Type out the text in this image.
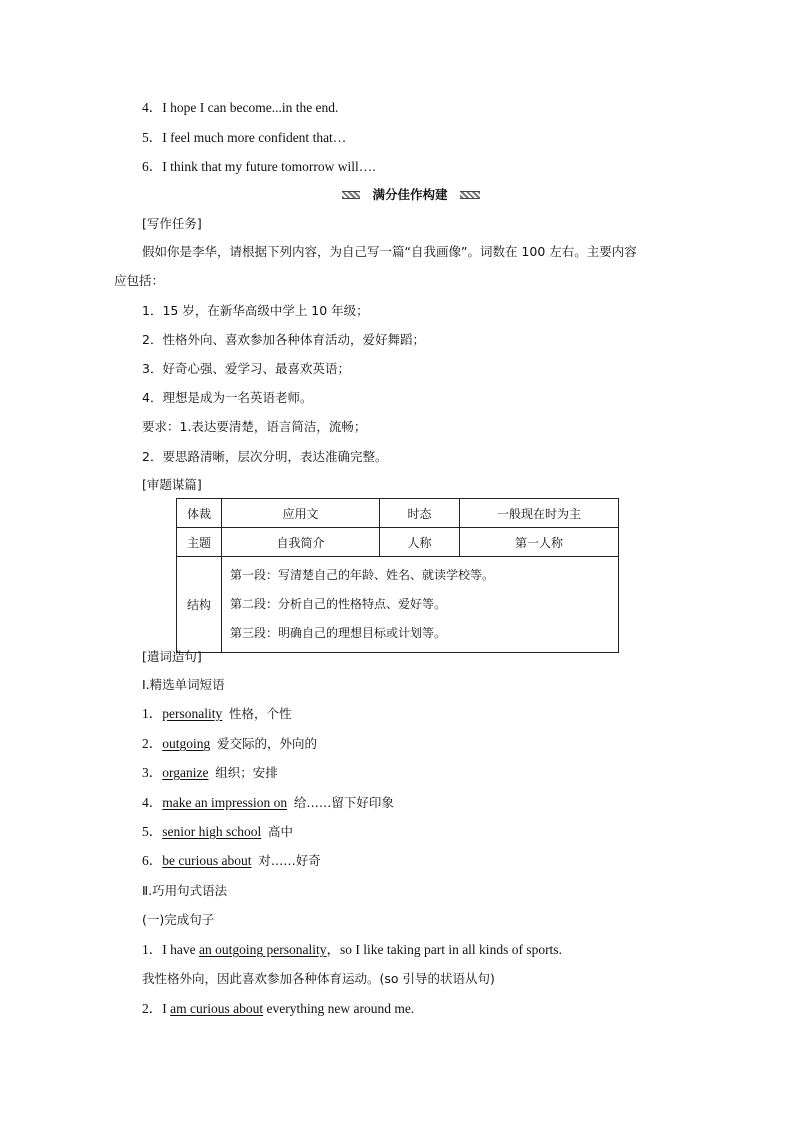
4．I hope I can become...in the end.
5．I feel much more confident that…
6．I think that my future tomorrow will….
满分佳作构建
[写作任务]
假如你是李华，请根据下列内容，为自己写一篇“自我画像”。词数在 100 左右。主要内容
应包括：
1．15 岁，在新华高级中学上 10 年级；
2．性格外向、喜欢参加各种体育活动，爱好舞蹈；
3．好奇心强、爱学习、最喜欢英语；
4．理想是成为一名英语老师。
要求：1.表达要清楚，语言简洁，流畅；
2．要思路清晰，层次分明，表达准确完整。
[审题谋篇]
体裁	应用文	时态	一般现在时为主
主题	自我简介	人称	第一人称
结构	第一段：写清楚自己的年龄、姓名、就读学校等。
第二段：分析自己的性格特点、爱好等。
第三段：明确自己的理想目标或计划等。		
[遣词造句]
Ⅰ.精选单词短语
1．personality 性格，个性
2．outgoing 爱交际的，外向的
3．organize 组织；安排
4．make an impression on 给……留下好印象
5．senior high school 高中
6．be curious about 对……好奇
Ⅱ.巧用句式语法
(一)完成句子
1．I have an outgoing personality，so I like taking part in all kinds of sports.
我性格外向，因此喜欢参加各种体育运动。(so 引导的状语从句)
2．I am curious about everything new around me.
